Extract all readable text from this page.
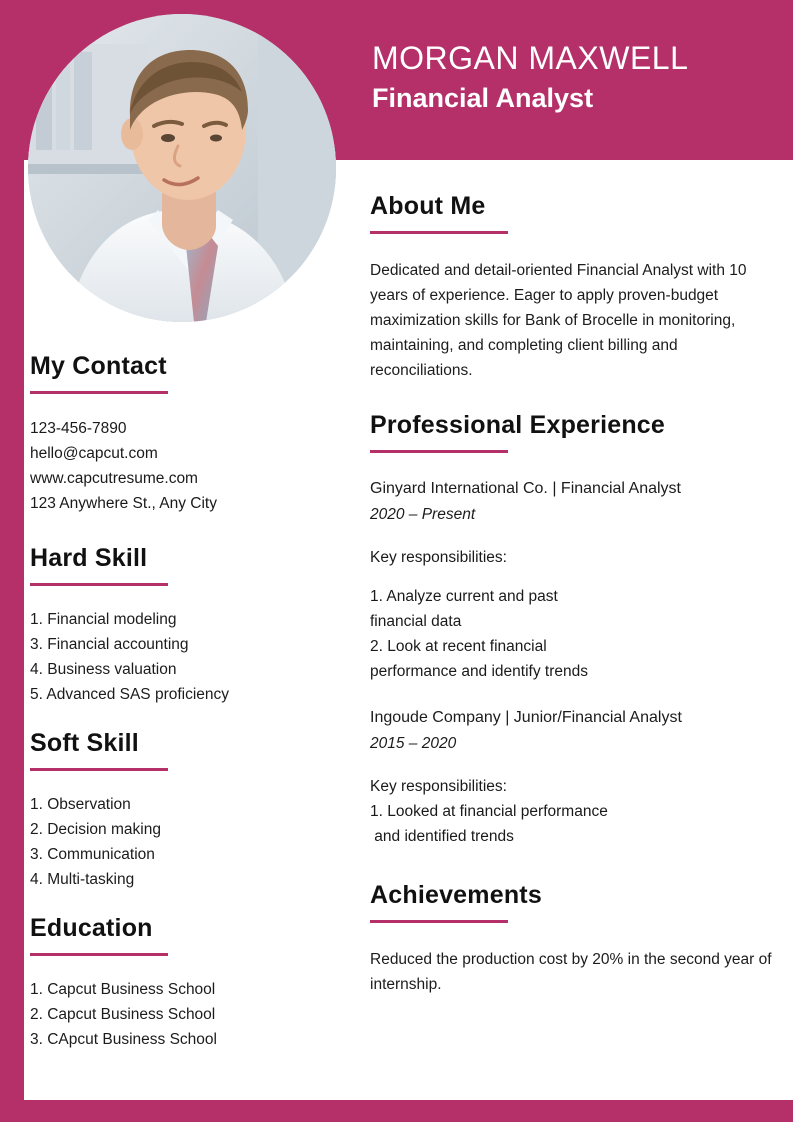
MORGAN MAXWELL
Financial Analyst
My Contact
123-456-7890
hello@capcut.com
www.capcutresume.com
123 Anywhere St., Any City
Hard Skill
1. Financial modeling
3. Financial accounting
4. Business valuation
5. Advanced SAS proficiency
Soft Skill
1. Observation
2. Decision making
3. Communication
4. Multi-tasking
Education
1. Capcut Business School
2. Capcut Business School
3. CApcut Business School
About Me

Dedicated and detail-oriented Financial Analyst with 10 years of experience. Eager to apply proven-budget maximization skills for Bank of Brocelle in monitoring, maintaining, and completing client billing and reconciliations.

Professional Experience
Ginyard International Co. | Financial Analyst
2020 – Present
Key responsibilities:
1. Analyze current and past
financial data
2. Look at recent financial
performance and identify trends
Ingoude Company | Junior/Financial Analyst
2015 – 2020
Key responsibilities:
1. Looked at financial performance
and identified trends
Achievements

Reduced the production cost by 20% in the second year of internship.
